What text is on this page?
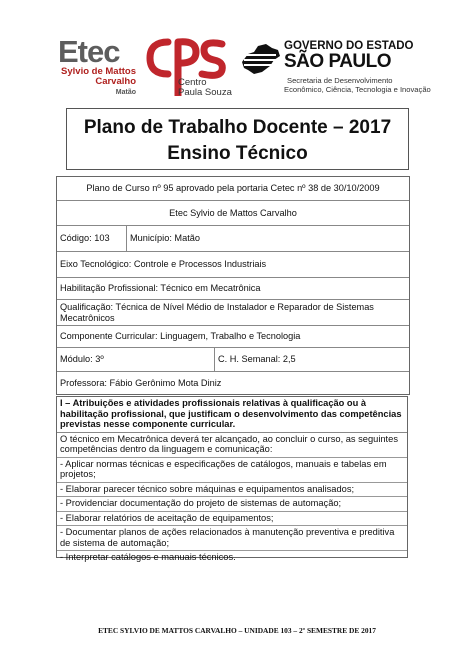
Etec
Sylvio de Mattos
Carvalho
Matão
Centro
Paula Souza
GOVERNO DO ESTADO
SÃO PAULO
Secretaria de Desenvolvimento
Econômico, Ciência, Tecnologia e Inovação
Plano de Trabalho Docente – 2017
Ensino Técnico
Plano de Curso nº 95 aprovado pela portaria Cetec nº 38 de 30/10/2009
Etec Sylvio de Mattos Carvalho
Código: 103 Município: Matão
Eixo Tecnológico: Controle e Processos Industriais
Habilitação Profissional: Técnico em Mecatrônica
Qualificação: Técnica de Nível Médio de Instalador e Reparador de Sistemas Mecatrônicos
Componente Curricular: Linguagem, Trabalho e Tecnologia
Módulo: 3º	C. H. Semanal: 2,5
Professora: Fábio Gerônimo Mota Diniz
I – Atribuições e atividades profissionais relativas à qualificação ou à habilitação profissional, que justificam o desenvolvimento das competências previstas nesse componente curricular.
O técnico em Mecatrônica deverá ter alcançado, ao concluir o curso, as seguintes competências dentro da linguagem e comunicação:
- Aplicar normas técnicas e especificações de catálogos, manuais e tabelas em projetos;
- Elaborar parecer técnico sobre máquinas e equipamentos analisados;
- Providenciar documentação do projeto de sistemas de automação;
- Elaborar relatórios de aceitação de equipamentos;
- Documentar planos de ações relacionados à manutenção preventiva e preditiva de sistema de automação;
- Interpretar catálogos e manuais técnicos.
ETEC SYLVIO DE MATTOS CARVALHO – UNIDADE 103 – 2º SEMESTRE DE 2017
